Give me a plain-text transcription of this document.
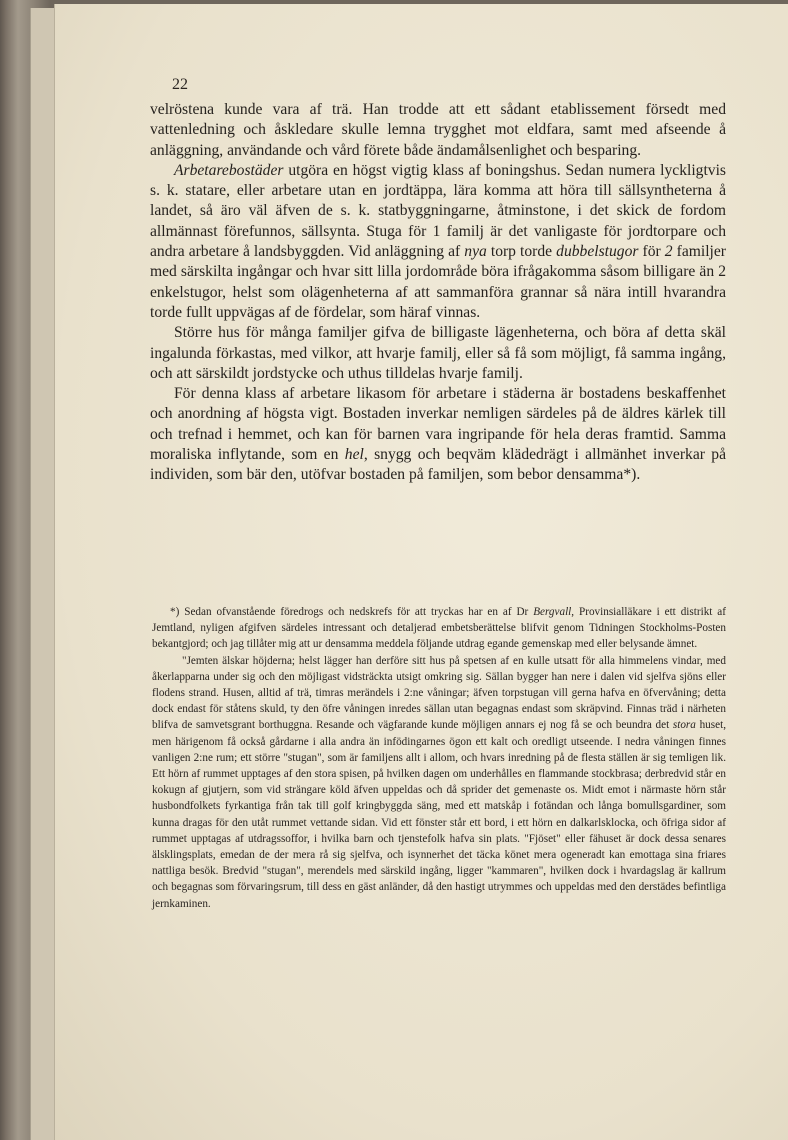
22

velröstena kunde vara af trä. Han trodde att ett sådant etablissement försedt med vattenledning och åskledare skulle lemna trygghet mot eldfara, samt med afseende å anläggning, användande och vård förete både ändamålsenlighet och besparing.

Arbetarebostäder utgöra en högst vigtig klass af boningshus. Sedan numera lyckligtvis s. k. statare, eller arbetare utan en jordtäppa, lära komma att höra till sällsyntheterna å landet, så äro väl äfven de s. k. statbyggningarne, åtminstone, i det skick de fordom allmännast förefunnos, sällsynta. Stuga för 1 familj är det vanligaste för jordtorpare och andra arbetare å landsbyggden. Vid anläggning af nya torp torde dubbelstugor för 2 familjer med särskilta ingångar och hvar sitt lilla jordområde böra ifrågakomma såsom billigare än 2 enkelstugor, helst som olägenheterna af att sammanföra grannar så nära intill hvarandra torde fullt uppvägas af de fördelar, som häraf vinnas.

Större hus för många familjer gifva de billigaste lägenheterna, och böra af detta skäl ingalunda förkastas, med vilkor, att hvarje familj, eller så få som möjligt, få samma ingång, och att särskildt jordstycke och uthus tilldelas hvarje familj.

För denna klass af arbetare likasom för arbetare i städerna är bostadens beskaffenhet och anordning af högsta vigt. Bostaden inverkar nemligen särdeles på de äldres kärlek till och trefnad i hemmet, och kan för barnen vara ingripande för hela deras framtid. Samma moraliska inflytande, som en hel, snygg och beqväm klädedrägt i allmänhet inverkar på individen, som bär den, utöfvar bostaden på familjen, som bebor densamma*).

*) Sedan ofvanstående föredrogs och nedskrefs för att tryckas har en af Dr Bergvall, Provinsialläkare i ett distrikt af Jemtland, nyligen afgifven särdeles intressant och detaljerad embetsberättelse blifvit genom Tidningen Stockholms-Posten bekantgjord; och jag tillåter mig att ur densamma meddela följande utdrag egande gemenskap med eller belysande ämnet.

"Jemten älskar höjderna; helst lägger han derföre sitt hus på spetsen af en kulle utsatt för alla himmelens vindar, med åkerlapparna under sig och den möjligast vidsträckta utsigt omkring sig. Sällan bygger han nere i dalen vid sjelfva sjöns eller flodens strand. Husen, alltid af trä, timras merändels i 2:ne våningar; äfven torpstugan vill gerna hafva en öfvervåning; detta dock endast för ståtens skuld, ty den öfre våningen inredes sällan utan begagnas endast som skräpvind. Finnas träd i närheten blifva de samvetsgrant borthuggna. Resande och vägfarande kunde möjligen annars ej nog få se och beundra det stora huset, men härigenom få också gårdarne i alla andra än infödingarnes ögon ett kalt och oredligt utseende. I nedra våningen finnes vanligen 2:ne rum; ett större "stugan", som är familjens allt i allom, och hvars inredning på de flesta ställen är sig temligen lik. Ett hörn af rummet upptages af den stora spisen, på hvilken dagen om underhålles en flammande stockbrasa; derbredvid står en kokugn af gjutjern, som vid strängare köld äfven uppeldas och då sprider det gemenaste os. Midt emot i närmaste hörn står husbondfolkets fyrkantiga från tak till golf kringbyggda säng, med ett matskåp i fotändan och långa bomullsgardiner, som kunna dragas för den utåt rummet vettande sidan. Vid ett fönster står ett bord, i ett hörn en dalkarlsklocka, och öfriga sidor af rummet upptagas af utdragssoffor, i hvilka barn och tjenstefolk hafva sin plats. "Fjöset" eller fähuset är dock dessa senares älsklingsplats, emedan de der mera rå sig sjelfva, och isynnerhet det täcka könet mera ogeneradt kan emottaga sina friares nattliga besök. Bredvid "stugan", merendels med särskild ingång, ligger "kammaren", hvilken dock i hvardagslag är kallrum och begagnas som förvaringsrum, till dess en gäst anländer, då den hastigt utrymmes och uppeldas med den derstädes befintliga jernkaminen.
